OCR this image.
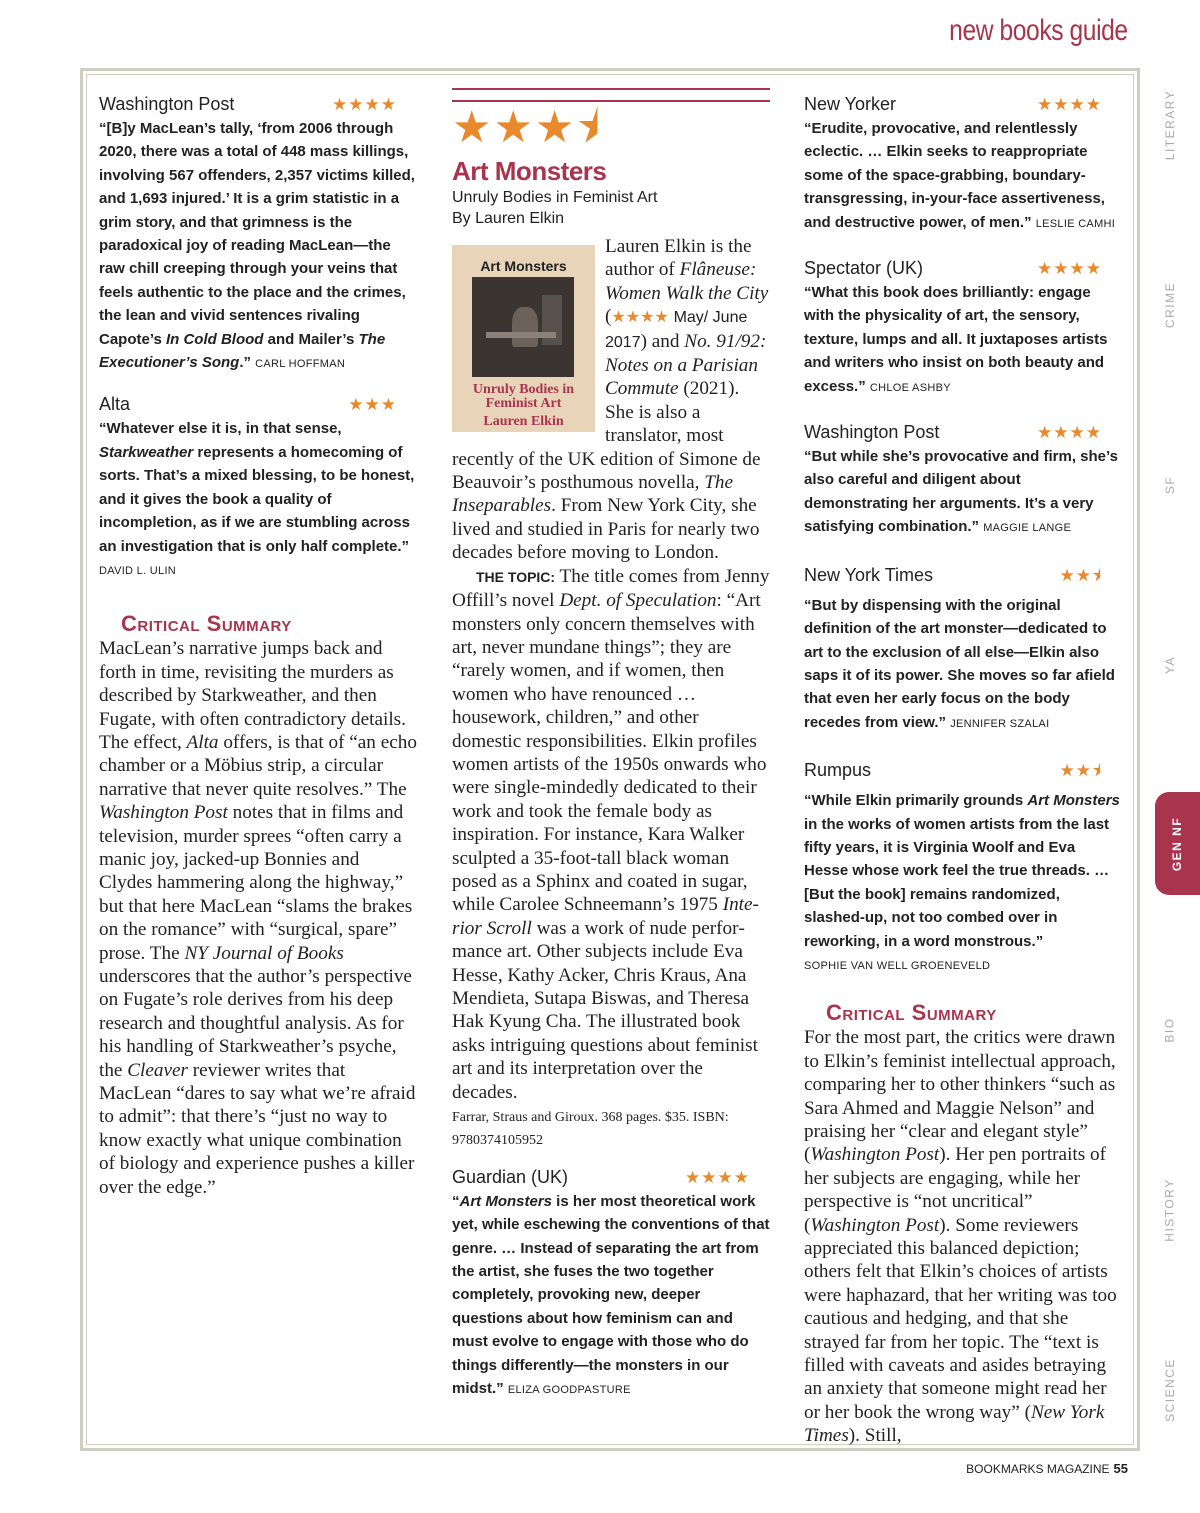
new books guide
Washington Post	★★★★
“[B]y MacLean’s tally, ‘from 2006 through 2020, there was a total of 448 mass killings, involving 567 offenders, 2,357 victims killed, and 1,693 injured.’ It is a grim statistic in a grim story, and that grimness is the paradoxical joy of reading MacLean—the raw chill creeping through your veins that feels authentic to the place and the crimes, the lean and vivid sentences rivaling Capote’s In Cold Blood and Mailer’s The Executioner’s Song.” CARL HOFFMAN
Alta	★★★
“Whatever else it is, in that sense, Starkweather represents a homecoming of sorts. That’s a mixed blessing, to be honest, and it gives the book a quality of incompletion, as if we are stumbling across an investigation that is only half complete.”
DAVID L. ULIN
Critical Summary
MacLean’s narrative jumps back and forth in time, revisiting the murders as described by Starkweather, and then Fugate, with often contradictory details. The effect, Alta offers, is that of “an echo chamber or a Möbius strip, a circular narrative that never quite resolves.” The Washington Post notes that in films and television, murder sprees “often carry a manic joy, jacked-up Bonnies and Clydes hammering along the highway,” but that here MacLean “slams the brakes on the romance” with “surgical, spare” prose. The NY Journal of Books underscores that the author’s perspective on Fugate’s role derives from his deep research and thoughtful analysis. As for his handling of Starkweather’s psyche, the Cleaver reviewer writes that MacLean “dares to say what we’re afraid to admit”: that there’s “just no way to know exactly what unique combination of biology and experience pushes a killer over the edge.”
★★★⯨
Art Monsters
Unruly Bodies in Feminist Art
By Lauren Elkin
Art Monsters
Unruly Bodies in Feminist Art
Lauren Elkin
Lauren Elkin is the author of Flâneuse: Women Walk the City (★★★★ May/ June 2017) and No. 91/92: Notes on a Parisian Commute (2021). She is also a translator, most recently of the UK edition of Simone de Beauvoir’s posthumous novella, The Inseparables. From New York City, she lived and studied in Paris for nearly two decades before moving to London.
THE TOPIC: The title comes from Jenny Offill’s novel Dept. of Speculation: “Art monsters only concern themselves with art, never mundane things”; they are “rarely women, and if women, then women who have renounced … housework, children,” and other domestic responsibilities. Elkin profiles women artists of the 1950s onwards who were single-mindedly dedicated to their work and took the female body as inspiration. For instance, Kara Walker sculpted a 35-foot-tall black woman posed as a Sphinx and coated in sugar, while Carolee Schneemann’s 1975 Interior Scroll was a work of nude performance art. Other subjects include Eva Hesse, Kathy Acker, Chris Kraus, Ana Mendieta, Sutapa Biswas, and Theresa Hak Kyung Cha. The illustrated book asks intriguing questions about feminist art and its interpretation over the decades.
Farrar, Straus and Giroux. 368 pages. $35. ISBN: 9780374105952
Guardian (UK)	★★★★
“Art Monsters is her most theoretical work yet, while eschewing the conventions of that genre. … Instead of separating the art from the artist, she fuses the two together completely, provoking new, deeper questions about how feminism can and must evolve to engage with those who do things differently—the monsters in our midst.” ELIZA GOODPASTURE
New Yorker	★★★★
“Erudite, provocative, and relentlessly eclectic. … Elkin seeks to reappropriate some of the space-grabbing, boundary-transgressing, in-your-face assertiveness, and destructive power, of men.” LESLIE CAMHI
Spectator (UK)	★★★★
“What this book does brilliantly: engage with the physicality of art, the sensory, texture, lumps and all. It juxtaposes artists and writers who insist on both beauty and excess.” CHLOE ASHBY
Washington Post	★★★★
“But while she’s provocative and firm, she’s also careful and diligent about demonstrating her arguments. It’s a very satisfying combination.” MAGGIE LANGE
New York Times	★★⯨
“But by dispensing with the original definition of the art monster—dedicated to art to the exclusion of all else—Elkin also saps it of its power. She moves so far afield that even her early focus on the body recedes from view.” JENNIFER SZALAI
Rumpus	★★⯨
“While Elkin primarily grounds Art Monsters in the works of women artists from the last fifty years, it is Virginia Woolf and Eva Hesse whose work feel the true threads. … [But the book] remains randomized, slashed-up, not too combed over in reworking, in a word monstrous.”
SOPHIE VAN WELL GROENEVELD
Critical Summary
For the most part, the critics were drawn to Elkin’s feminist intellectual approach, comparing her to other thinkers “such as Sara Ahmed and Maggie Nelson” and praising her “clear and elegant style” (Washington Post). Her pen portraits of her subjects are engaging, while her perspective is “not uncritical” (Washington Post). Some reviewers appreciated this balanced depiction; others felt that Elkin’s choices of artists were haphazard, that her writing was too cautious and hedging, and that she strayed far from her topic. The “text is filled with caveats and asides betraying an anxiety that someone might read her or her book the wrong way” (New York Times). Still,
LITERARY
CRIME
SF
YA
GEN NF
BIO
HISTORY
SCIENCE
BOOKMARKS MAGAZINE 55
